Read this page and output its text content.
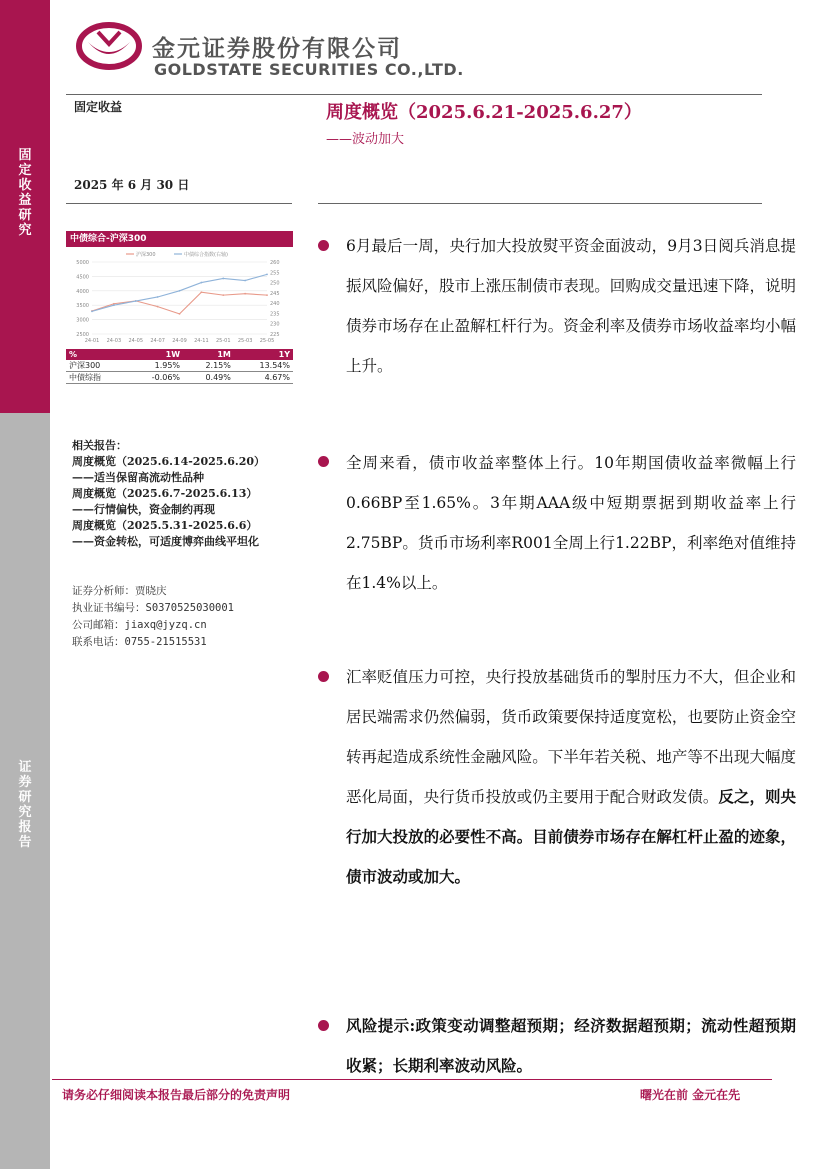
固定收益研究
证券研究报告
金元证券股份有限公司
GOLDSTATE SECURITIES CO.,LTD.
固定收益
2025 年 6 月 30 日
周度概览（2025.6.21-2025.6.27）
——波动加大
中债综合-沪深300
5000
4500
4000
3500
3000
2500
260
255
250
245
240
235
230
225
24-01 24-03 24-05 24-07 24-09 24-11 25-01 25-03 25-05
沪深300	中债综合指数(右轴)
%	1W	1M	1Y
沪深300	1.95%	2.15%	13.54%
中债综指	-0.06%	0.49%	4.67%
相关报告：
周度概览（2025.6.14-2025.6.20）
——适当保留高流动性品种
周度概览（2025.6.7-2025.6.13）
——行情偏快，资金制约再现
周度概览（2025.5.31-2025.6.6）
——资金转松，可适度博弈曲线平坦化
证券分析师：贾晓庆
执业证书编号：S0370525030001
公司邮箱：jiaxq@jyzq.cn
联系电话：0755-21515531
6月最后一周，央行加大投放熨平资金面波动，9月3日阅兵消息提振风险偏好，股市上涨压制债市表现。回购成交量迅速下降，说明债券市场存在止盈解杠杆行为。资金利率及债券市场收益率均小幅上升。
全周来看，债市收益率整体上行。10年期国债收益率微幅上行0.66BP至1.65%。3年期AAA级中短期票据到期收益率上行2.75BP。货币市场利率R001全周上行1.22BP，利率绝对值维持在1.4%以上。
汇率贬值压力可控，央行投放基础货币的掣肘压力不大，但企业和居民端需求仍然偏弱，货币政策要保持适度宽松，也要防止资金空转再起造成系统性金融风险。下半年若关税、地产等不出现大幅度恶化局面，央行货币投放或仍主要用于配合财政发债。反之，则央行加大投放的必要性不高。目前债券市场存在解杠杆止盈的迹象，债市波动或加大。
风险提示:政策变动调整超预期；经济数据超预期；流动性超预期收紧；长期利率波动风险。
请务必仔细阅读本报告最后部分的免责声明	曙光在前 金元在先
